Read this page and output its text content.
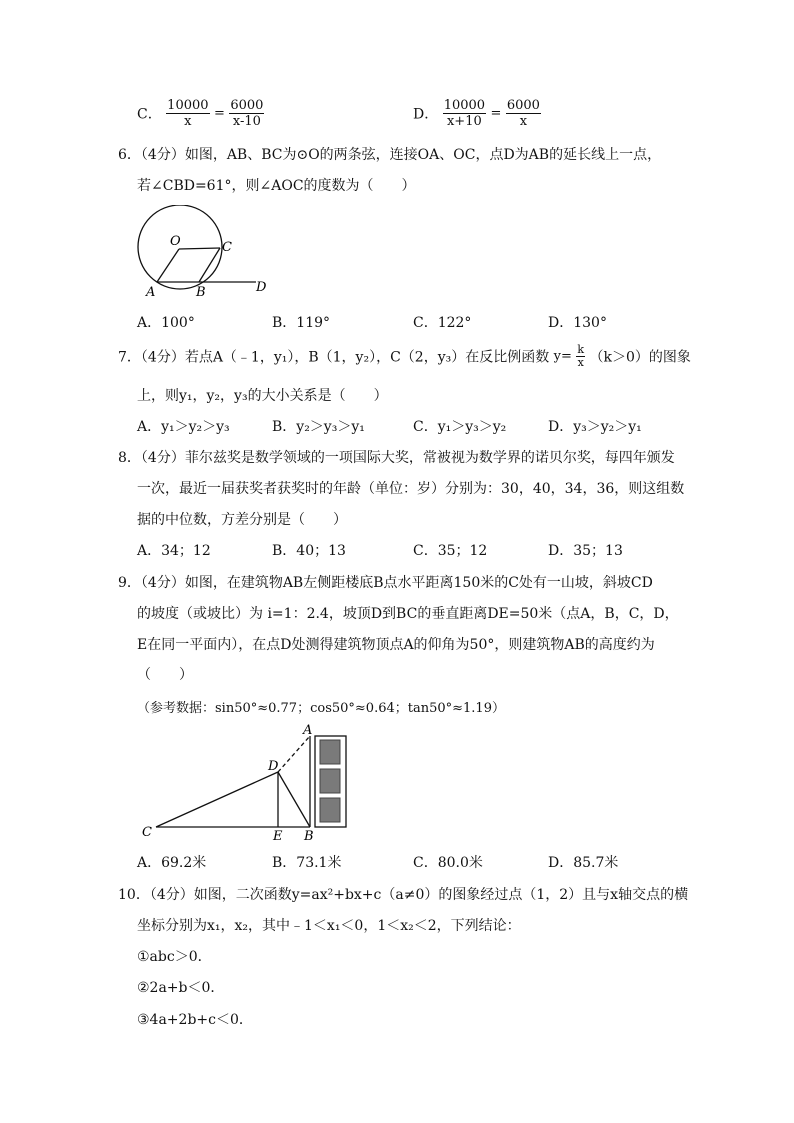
C． $\frac{10000}{x} = \frac{6000}{x-10}$	D． $\frac{10000}{x+10} = \frac{6000}{x}$
6．（4分）如图，AB、BC为⊙O的两条弦，连接OA、OC，点D为AB的延长线上一点，
若∠CBD=61°，则∠AOC的度数为（　　）
O	C
A	B	D
A．100°	B．119°	C．122°	D．130°
7．（4分）若点A（﹣1，y₁），B（1，y₂），C（2，y₃）在反比例函数 $y= \frac{k}{x} (k>0)$的图象
上，则y₁，y₂，y₃的大小关系是（　　）
A．y₁＞y₂＞y₃	B．y₂＞y₃＞y₁	C．y₁＞y₃＞y₂	D．y₃＞y₂＞y₁
8．（4分）菲尔兹奖是数学领域的一项国际大奖，常被视为数学界的诺贝尔奖，每四年颁发
一次，最近一届获奖者获奖时的年龄（单位：岁）分别为：30，40，34，36，则这组数
据的中位数，方差分别是（　　）
A．34；12	B．40；13	C．35；12	D．35；13
9．（4分）如图，在建筑物AB左侧距楼底B点水平距离150米的C处有一山坡，斜坡CD
的坡度（或坡比）为 i=1：2.4，坡顶D到BC的垂直距离DE=50米（点A，B，C，D，
E在同一平面内），在点D处测得建筑物顶点A的仰角为50°，则建筑物AB的高度约为
（　　）
（参考数据：sin50°≈0.77；cos50°≈0.64；tan50°≈1.19）
A
D
C	E B
A．69.2米	B．73.1米	C．80.0米	D．85.7米
10．（4分）如图，二次函数y=ax²+bx+c（a≠0）的图象经过点（1，2）且与x轴交点的横
坐标分别为x₁，x₂，其中﹣1＜x₁＜0，1＜x₂＜2，下列结论：
①abc＞0．
②2a+b＜0．
③4a+2b+c＜0．
